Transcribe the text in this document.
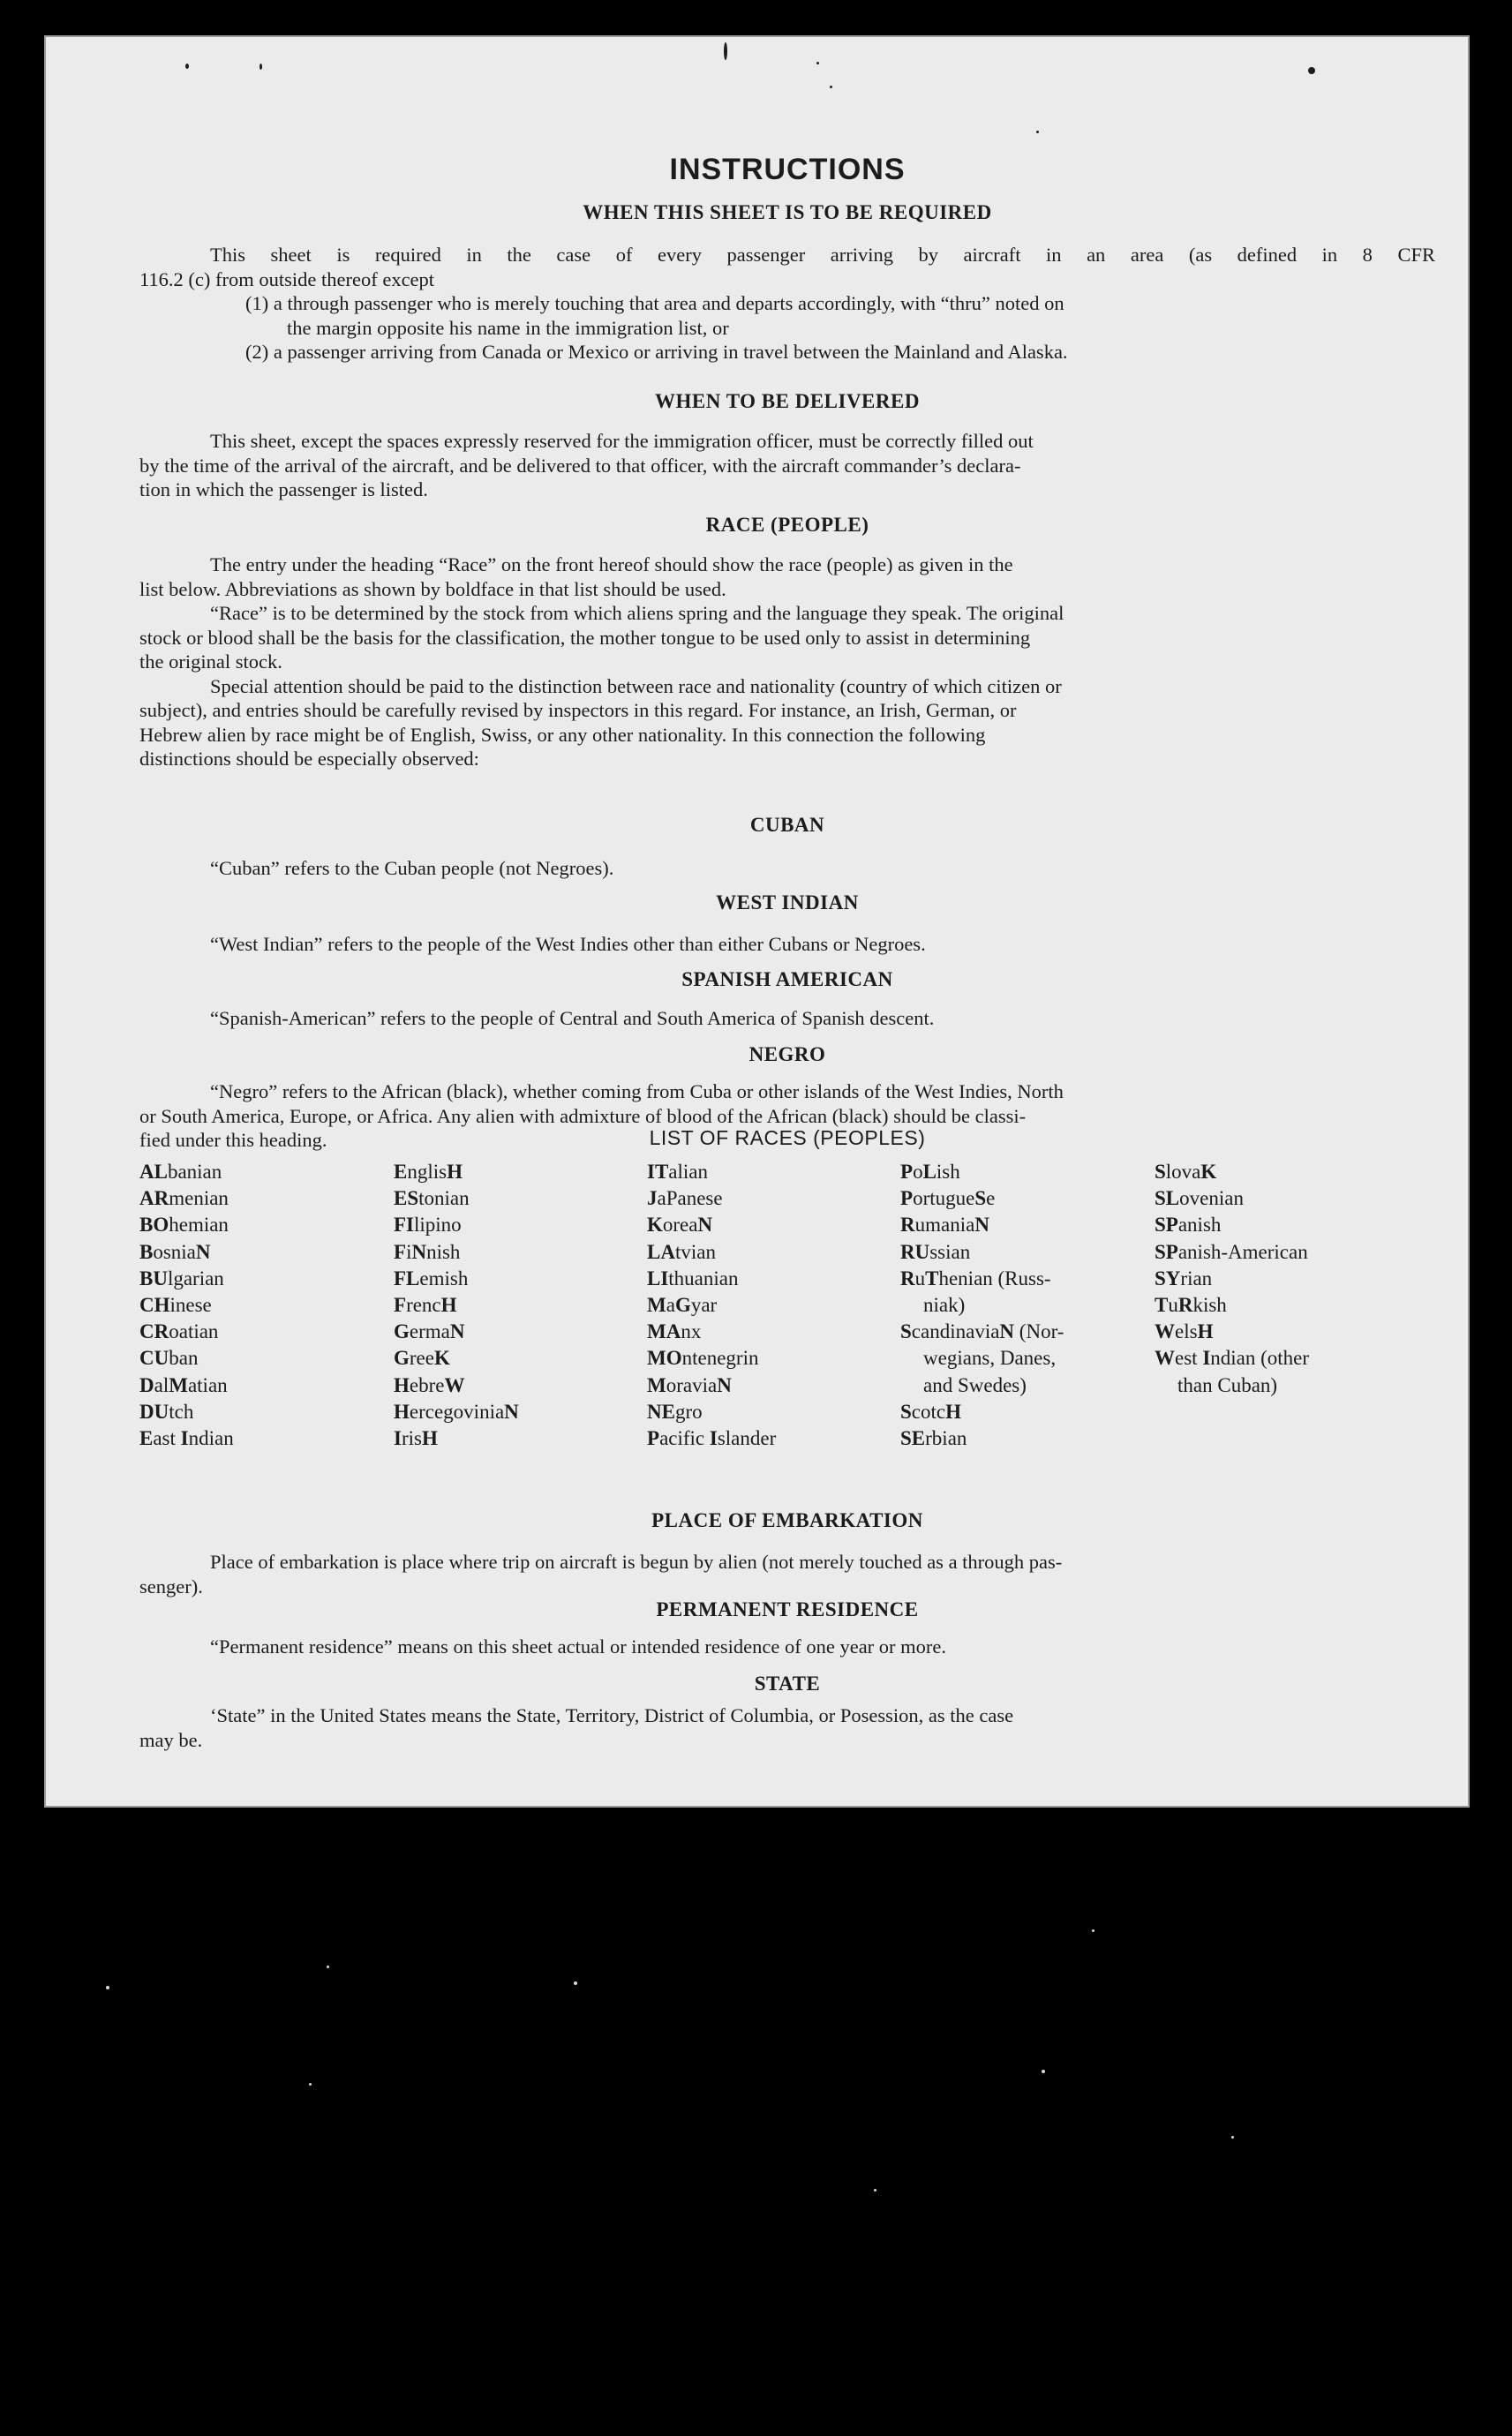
INSTRUCTIONS
WHEN THIS SHEET IS TO BE REQUIRED
This sheet is required in the case of every passenger arriving by aircraft in an area (as defined in 8 CFR
116.2 (c) from outside thereof except
(1) a through passenger who is merely touching that area and departs accordingly, with “thru” noted on
the margin opposite his name in the immigration list, or
(2) a passenger arriving from Canada or Mexico or arriving in travel between the Mainland and Alaska.
WHEN TO BE DELIVERED
This sheet, except the spaces expressly reserved for the immigration officer, must be correctly filled out
by the time of the arrival of the aircraft, and be delivered to that officer, with the aircraft commander’s declara-
tion in which the passenger is listed.
RACE (PEOPLE)
The entry under the heading “Race” on the front hereof should show the race (people) as given in the
list below. Abbreviations as shown by boldface in that list should be used.
“Race” is to be determined by the stock from which aliens spring and the language they speak. The original
stock or blood shall be the basis for the classification, the mother tongue to be used only to assist in determining
the original stock.
Special attention should be paid to the distinction between race and nationality (country of which citizen or
subject), and entries should be carefully revised by inspectors in this regard. For instance, an Irish, German, or
Hebrew alien by race might be of English, Swiss, or any other nationality. In this connection the following
distinctions should be especially observed:
CUBAN
“Cuban” refers to the Cuban people (not Negroes).
WEST INDIAN
“West Indian” refers to the people of the West Indies other than either Cubans or Negroes.
SPANISH AMERICAN
“Spanish-American” refers to the people of Central and South America of Spanish descent.
NEGRO
“Negro” refers to the African (black), whether coming from Cuba or other islands of the West Indies, North
or South America, Europe, or Africa. Any alien with admixture of blood of the African (black) should be classi-
fied under this heading.	LIST OF RACES (PEOPLES)
ALbanian
ARmenian
BOhemian
BosniaN
BUlgarian
CHinese
CRoatian
CUban
DalMatian
DUtch
East Indian
EnglisH
EStonian
FIlipino
FiNnish
FLemish
FrencH
GermaN
GreeK
HebreW
HercegoviniaN
IrisH
ITalian
JaPanese
KoreaN
LAtvian
LIthuanian
MaGyar
MAnx
MOntenegrin
MoraviaN
NEgro
Pacific Islander
PoLish
PortugueSe
RumaniaN
RUssian
RuThenian (Russ-
niak)
ScandinaviaN (Nor-
wegians, Danes,
and Swedes)
ScotcH
SErbian
SlovaK
SLovenian
SPanish
SPanish-American
SYrian
TuRkish
WelsH
West Indian (other
than Cuban)
PLACE OF EMBARKATION
Place of embarkation is place where trip on aircraft is begun by alien (not merely touched as a through pas-
senger).
PERMANENT RESIDENCE
“Permanent residence” means on this sheet actual or intended residence of one year or more.
STATE
‘State” in the United States means the State, Territory, District of Columbia, or Posession, as the case
may be.
